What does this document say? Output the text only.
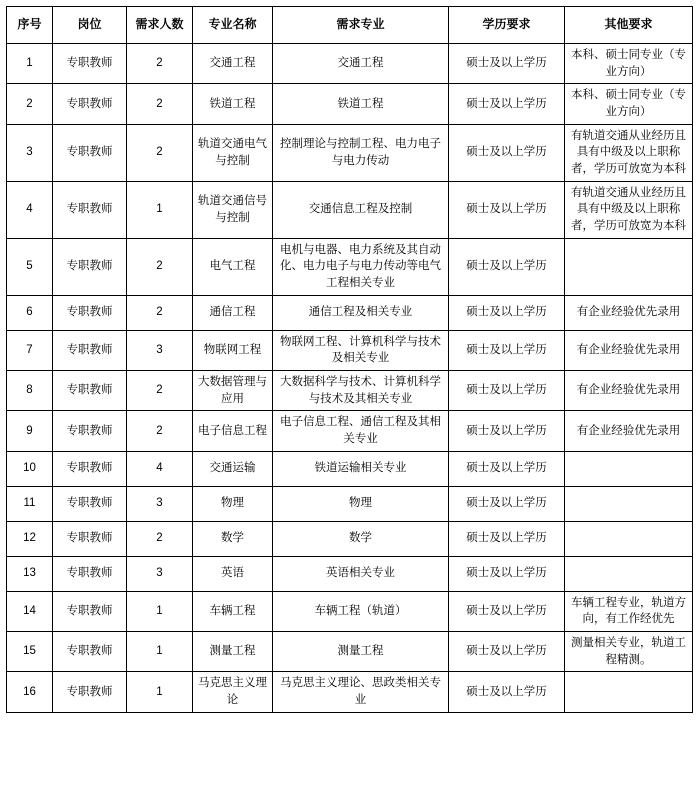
序号	岗位	需求人数	专业名称	需求专业	学历要求	其他要求
1	专职教师	2	交通工程	交通工程	硕士及以上学历	本科、硕士同专业（专业方向）
2	专职教师	2	铁道工程	铁道工程	硕士及以上学历	本科、硕士同专业（专业方向）
3	专职教师	2	轨道交通电气与控制	控制理论与控制工程、电力电子与电力传动	硕士及以上学历	有轨道交通从业经历且具有中级及以上职称者，学历可放宽为本科
4	专职教师	1	轨道交通信号与控制	交通信息工程及控制	硕士及以上学历	有轨道交通从业经历且具有中级及以上职称者，学历可放宽为本科
5	专职教师	2	电气工程	电机与电器、电力系统及其自动化、电力电子与电力传动等电气工程相关专业	硕士及以上学历	
6	专职教师	2	通信工程	通信工程及相关专业	硕士及以上学历	有企业经验优先录用
7	专职教师	3	物联网工程	物联网工程、计算机科学与技术及相关专业	硕士及以上学历	有企业经验优先录用
8	专职教师	2	大数据管理与应用	大数据科学与技术、计算机科学与技术及其相关专业	硕士及以上学历	有企业经验优先录用
9	专职教师	2	电子信息工程	电子信息工程、通信工程及其相关专业	硕士及以上学历	有企业经验优先录用
10	专职教师	4	交通运输	铁道运输相关专业	硕士及以上学历	
11	专职教师	3	物理	物理	硕士及以上学历	
12	专职教师	2	数学	数学	硕士及以上学历	
13	专职教师	3	英语	英语相关专业	硕士及以上学历	
14	专职教师	1	车辆工程	车辆工程（轨道）	硕士及以上学历	车辆工程专业，轨道方向，有工作经优先
15	专职教师	1	测量工程	测量工程	硕士及以上学历	测量相关专业，轨道工程精测。
16	专职教师	1	马克思主义理论	马克思主义理论、思政类相关专业	硕士及以上学历	
